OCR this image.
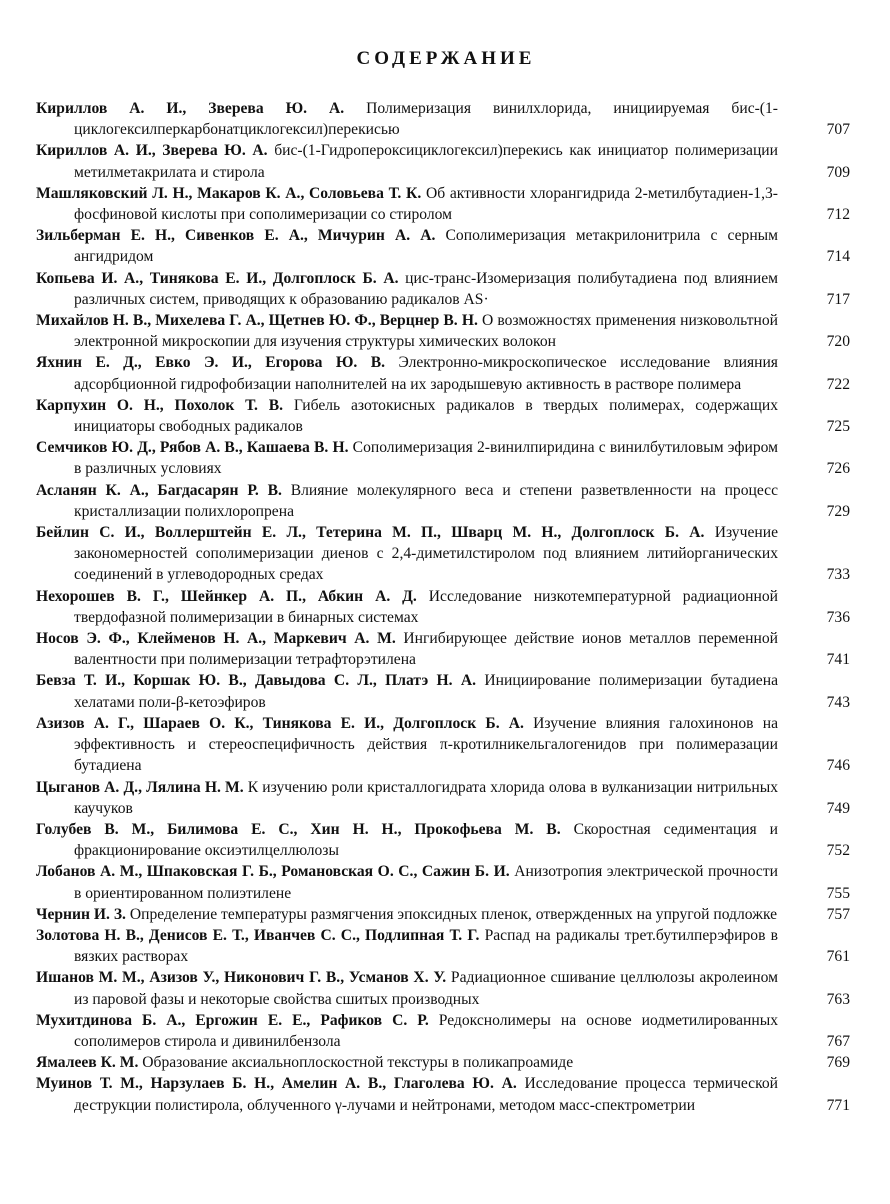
СОДЕРЖАНИЕ
Кириллов А. И., Зверева Ю. А. Полимеризация винилхлорида, инициируемая бис-(1-циклогексилперкарбонатциклогексил)перекисью	707
Кириллов А. И., Зверева Ю. А. бис-(1-Гидропероксициклогексил)перекись как инициатор полимеризации метилметакрилата и стирола	709
Машляковский Л. Н., Макаров К. А., Соловьева Т. К. Об активности хлорангидрида 2-метилбутадиен-1,3-фосфиновой кислоты при сополимеризации со стиролом	712
Зильберман Е. Н., Сивенков Е. А., Мичурин А. А. Сополимеризация метакрилонитрила с серным ангидридом	714
Копьева И. А., Тинякова Е. И., Долгоплоск Б. А. цис-транс-Изомеризация полибутадиена под влиянием различных систем, приводящих к образованию радикалов AS·	717
Михайлов Н. В., Михелева Г. А., Щетнев Ю. Ф., Верцнер В. Н. О возможностях применения низковольтной электронной микроскопии для изучения структуры химических волокон	720
Яхнин Е. Д., Евко Э. И., Егорова Ю. В. Электронно-микроскопическое исследование влияния адсорбционной гидрофобизации наполнителей на их зародышевую активность в растворе полимера	722
Карпухин О. Н., Похолок Т. В. Гибель азотокисных радикалов в твердых полимерах, содержащих инициаторы свободных радикалов	725
Семчиков Ю. Д., Рябов А. В., Кашаева В. Н. Сополимеризация 2-винилпиридина с винилбутиловым эфиром в различных условиях	726
Асланян К. А., Багдасарян Р. В. Влияние молекулярного веса и степени разветвленности на процесс кристаллизации полихлоропрена	729
Бейлин С. И., Воллерштейн Е. Л., Тетерина М. П., Шварц М. Н., Долгоплоск Б. А. Изучение закономерностей сополимеризации диенов с 2,4-диметилстиролом под влиянием литийорганических соединений в углеводородных средах	733
Нехорошев В. Г., Шейнкер А. П., Абкин А. Д. Исследование низкотемпературной радиационной твердофазной полимеризации в бинарных системах	736
Носов Э. Ф., Клейменов Н. А., Маркевич А. М. Ингибирующее действие ионов металлов переменной валентности при полимеризации тетрафторэтилена	741
Бевза Т. И., Коршак Ю. В., Давыдова С. Л., Платэ Н. А. Инициирование полимеризации бутадиена хелатами поли-β-кетоэфиров	743
Азизов А. Г., Шараев О. К., Тинякова Е. И., Долгоплоск Б. А. Изучение влияния галохинонов на эффективность и стереоспецифичность действия π-кротилникельгалогенидов при полимеразации бутадиена	746
Цыганов А. Д., Лялина Н. М. К изучению роли кристаллогидрата хлорида олова в вулканизации нитрильных каучуков	749
Голубев В. М., Билимова Е. С., Хин Н. Н., Прокофьева М. В. Скоростная седиментация и фракционирование оксиэтилцеллюлозы	752
Лобанов А. М., Шпаковская Г. Б., Романовская О. С., Сажин Б. И. Анизотропия электрической прочности в ориентированном полиэтилене	755
Чернин И. З. Определение температуры размягчения эпоксидных пленок, отвержденных на упругой подложке	757
Золотова Н. В., Денисов Е. Т., Иванчев С. С., Подлипная Т. Г. Распад на радикалы трет.бутилперэфиров в вязких растворах	761
Ишанов М. М., Азизов У., Никонович Г. В., Усманов Х. У. Радиационное сшивание целлюлозы акролеином из паровой фазы и некоторые свойства сшитых производных	763
Мухитдинова Б. А., Ергожин Е. Е., Рафиков С. Р. Редокснолимеры на основе иодметилированных сополимеров стирола и дивинилбензола	767
Ямалеев К. М. Образование аксиальноплоскостной текстуры в поликапроамиде	769
Муинов Т. М., Нарзулаев Б. Н., Амелин А. В., Глаголева Ю. А. Исследование процесса термической деструкции полистирола, облученного γ-лучами и нейтронами, методом масс-спектрометрии	771
